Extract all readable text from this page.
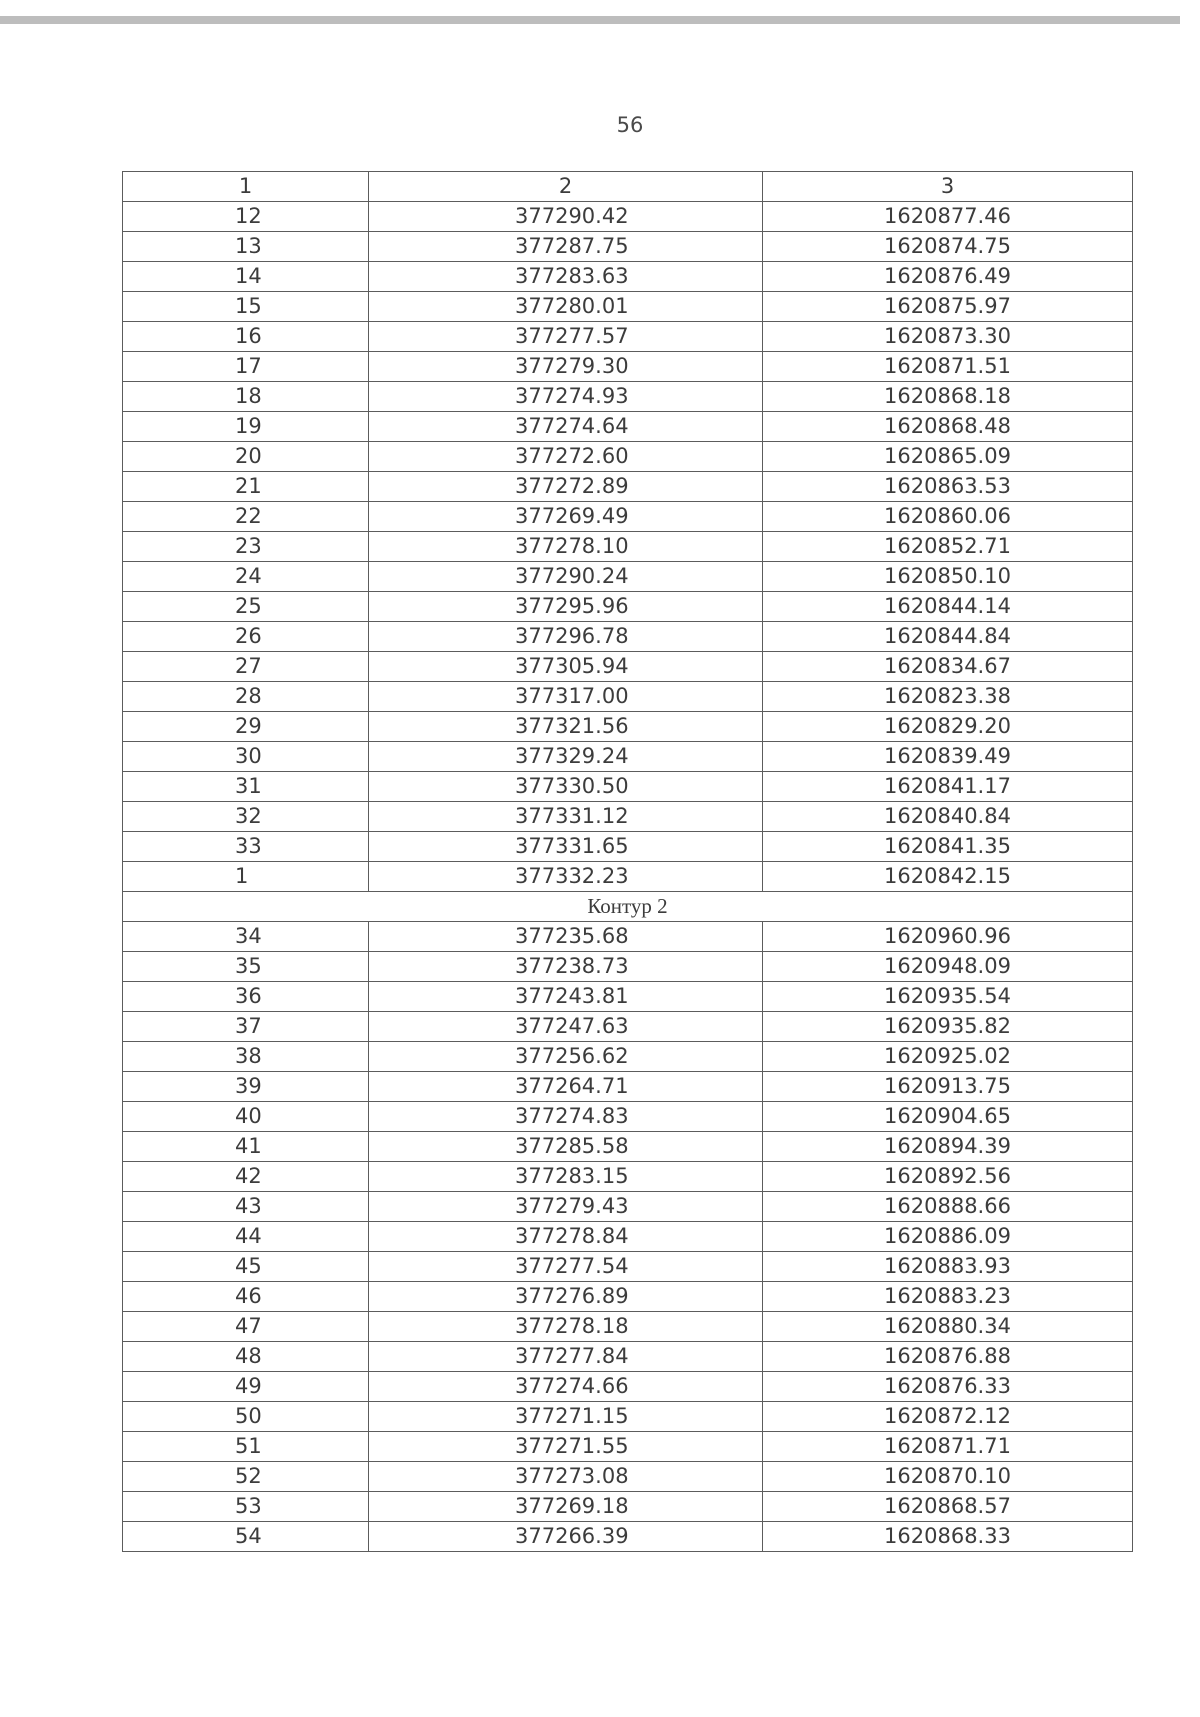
56
1	2	3
12	377290.42	1620877.46
13	377287.75	1620874.75
14	377283.63	1620876.49
15	377280.01	1620875.97
16	377277.57	1620873.30
17	377279.30	1620871.51
18	377274.93	1620868.18
19	377274.64	1620868.48
20	377272.60	1620865.09
21	377272.89	1620863.53
22	377269.49	1620860.06
23	377278.10	1620852.71
24	377290.24	1620850.10
25	377295.96	1620844.14
26	377296.78	1620844.84
27	377305.94	1620834.67
28	377317.00	1620823.38
29	377321.56	1620829.20
30	377329.24	1620839.49
31	377330.50	1620841.17
32	377331.12	1620840.84
33	377331.65	1620841.35
1	377332.23	1620842.15
Контур 2		
34	377235.68	1620960.96
35	377238.73	1620948.09
36	377243.81	1620935.54
37	377247.63	1620935.82
38	377256.62	1620925.02
39	377264.71	1620913.75
40	377274.83	1620904.65
41	377285.58	1620894.39
42	377283.15	1620892.56
43	377279.43	1620888.66
44	377278.84	1620886.09
45	377277.54	1620883.93
46	377276.89	1620883.23
47	377278.18	1620880.34
48	377277.84	1620876.88
49	377274.66	1620876.33
50	377271.15	1620872.12
51	377271.55	1620871.71
52	377273.08	1620870.10
53	377269.18	1620868.57
54	377266.39	1620868.33
